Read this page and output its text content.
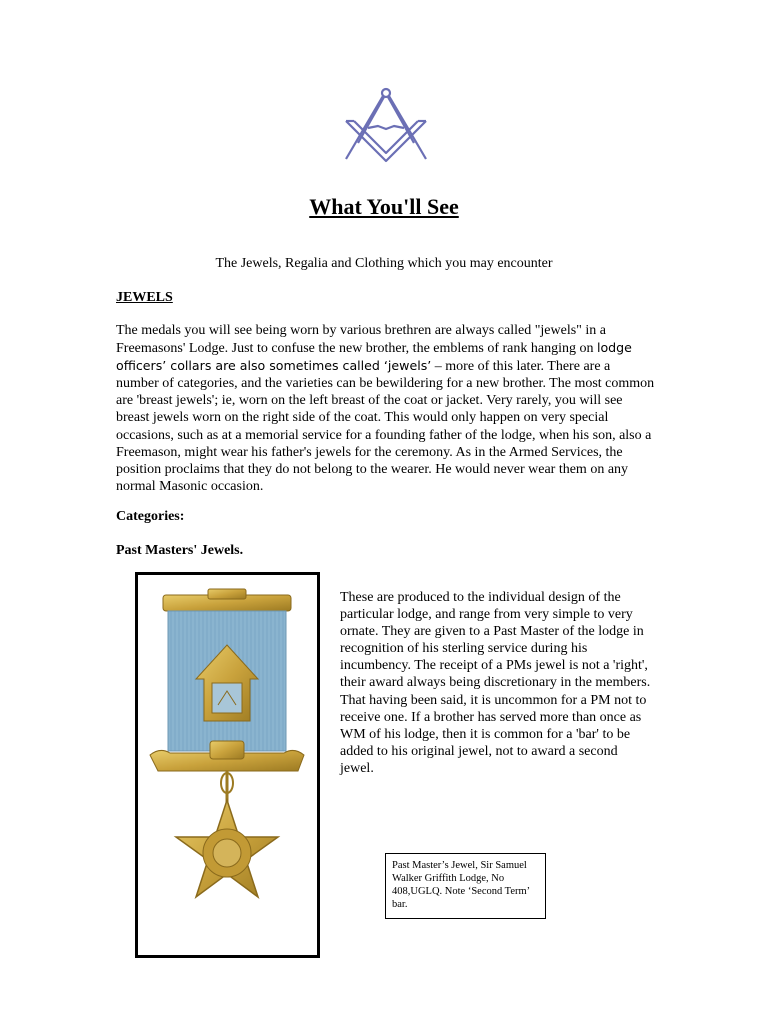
What You'll See
The Jewels, Regalia and Clothing which you may encounter
JEWELS
The medals you will see being worn by various brethren are always called "jewels" in a Freemasons' Lodge. Just to confuse the new brother, the emblems of rank hanging on lodge officers’ collars are also sometimes called ‘jewels’ – more of this later. There are a number of categories, and the varieties can be bewildering for a new brother. The most common are 'breast jewels'; ie, worn on the left breast of the coat or jacket. Very rarely, you will see breast jewels worn on the right side of the coat. This would only happen on very special occasions, such as at a memorial service for a founding father of the lodge, when his son, also a Freemason, might wear his father's jewels for the ceremony. As in the Armed Services, the position proclaims that they do not belong to the wearer. He would never wear them on any normal Masonic occasion.
Categories:
Past Masters' Jewels.
These are produced to the individual design of the particular lodge, and range from very simple to very ornate. They are given to a Past Master of the lodge in recognition of his sterling service during his incumbency. The receipt of a PMs jewel is not a 'right', their award always being discretionary in the members. That having been said, it is uncommon for a PM not to receive one. If a brother has served more than once as WM of his lodge, then it is common for a 'bar' to be added to his original jewel, not to award a second jewel.
Past Master’s Jewel, Sir Samuel Walker Griffith Lodge, No 408,UGLQ. Note ‘Second Term’ bar.
